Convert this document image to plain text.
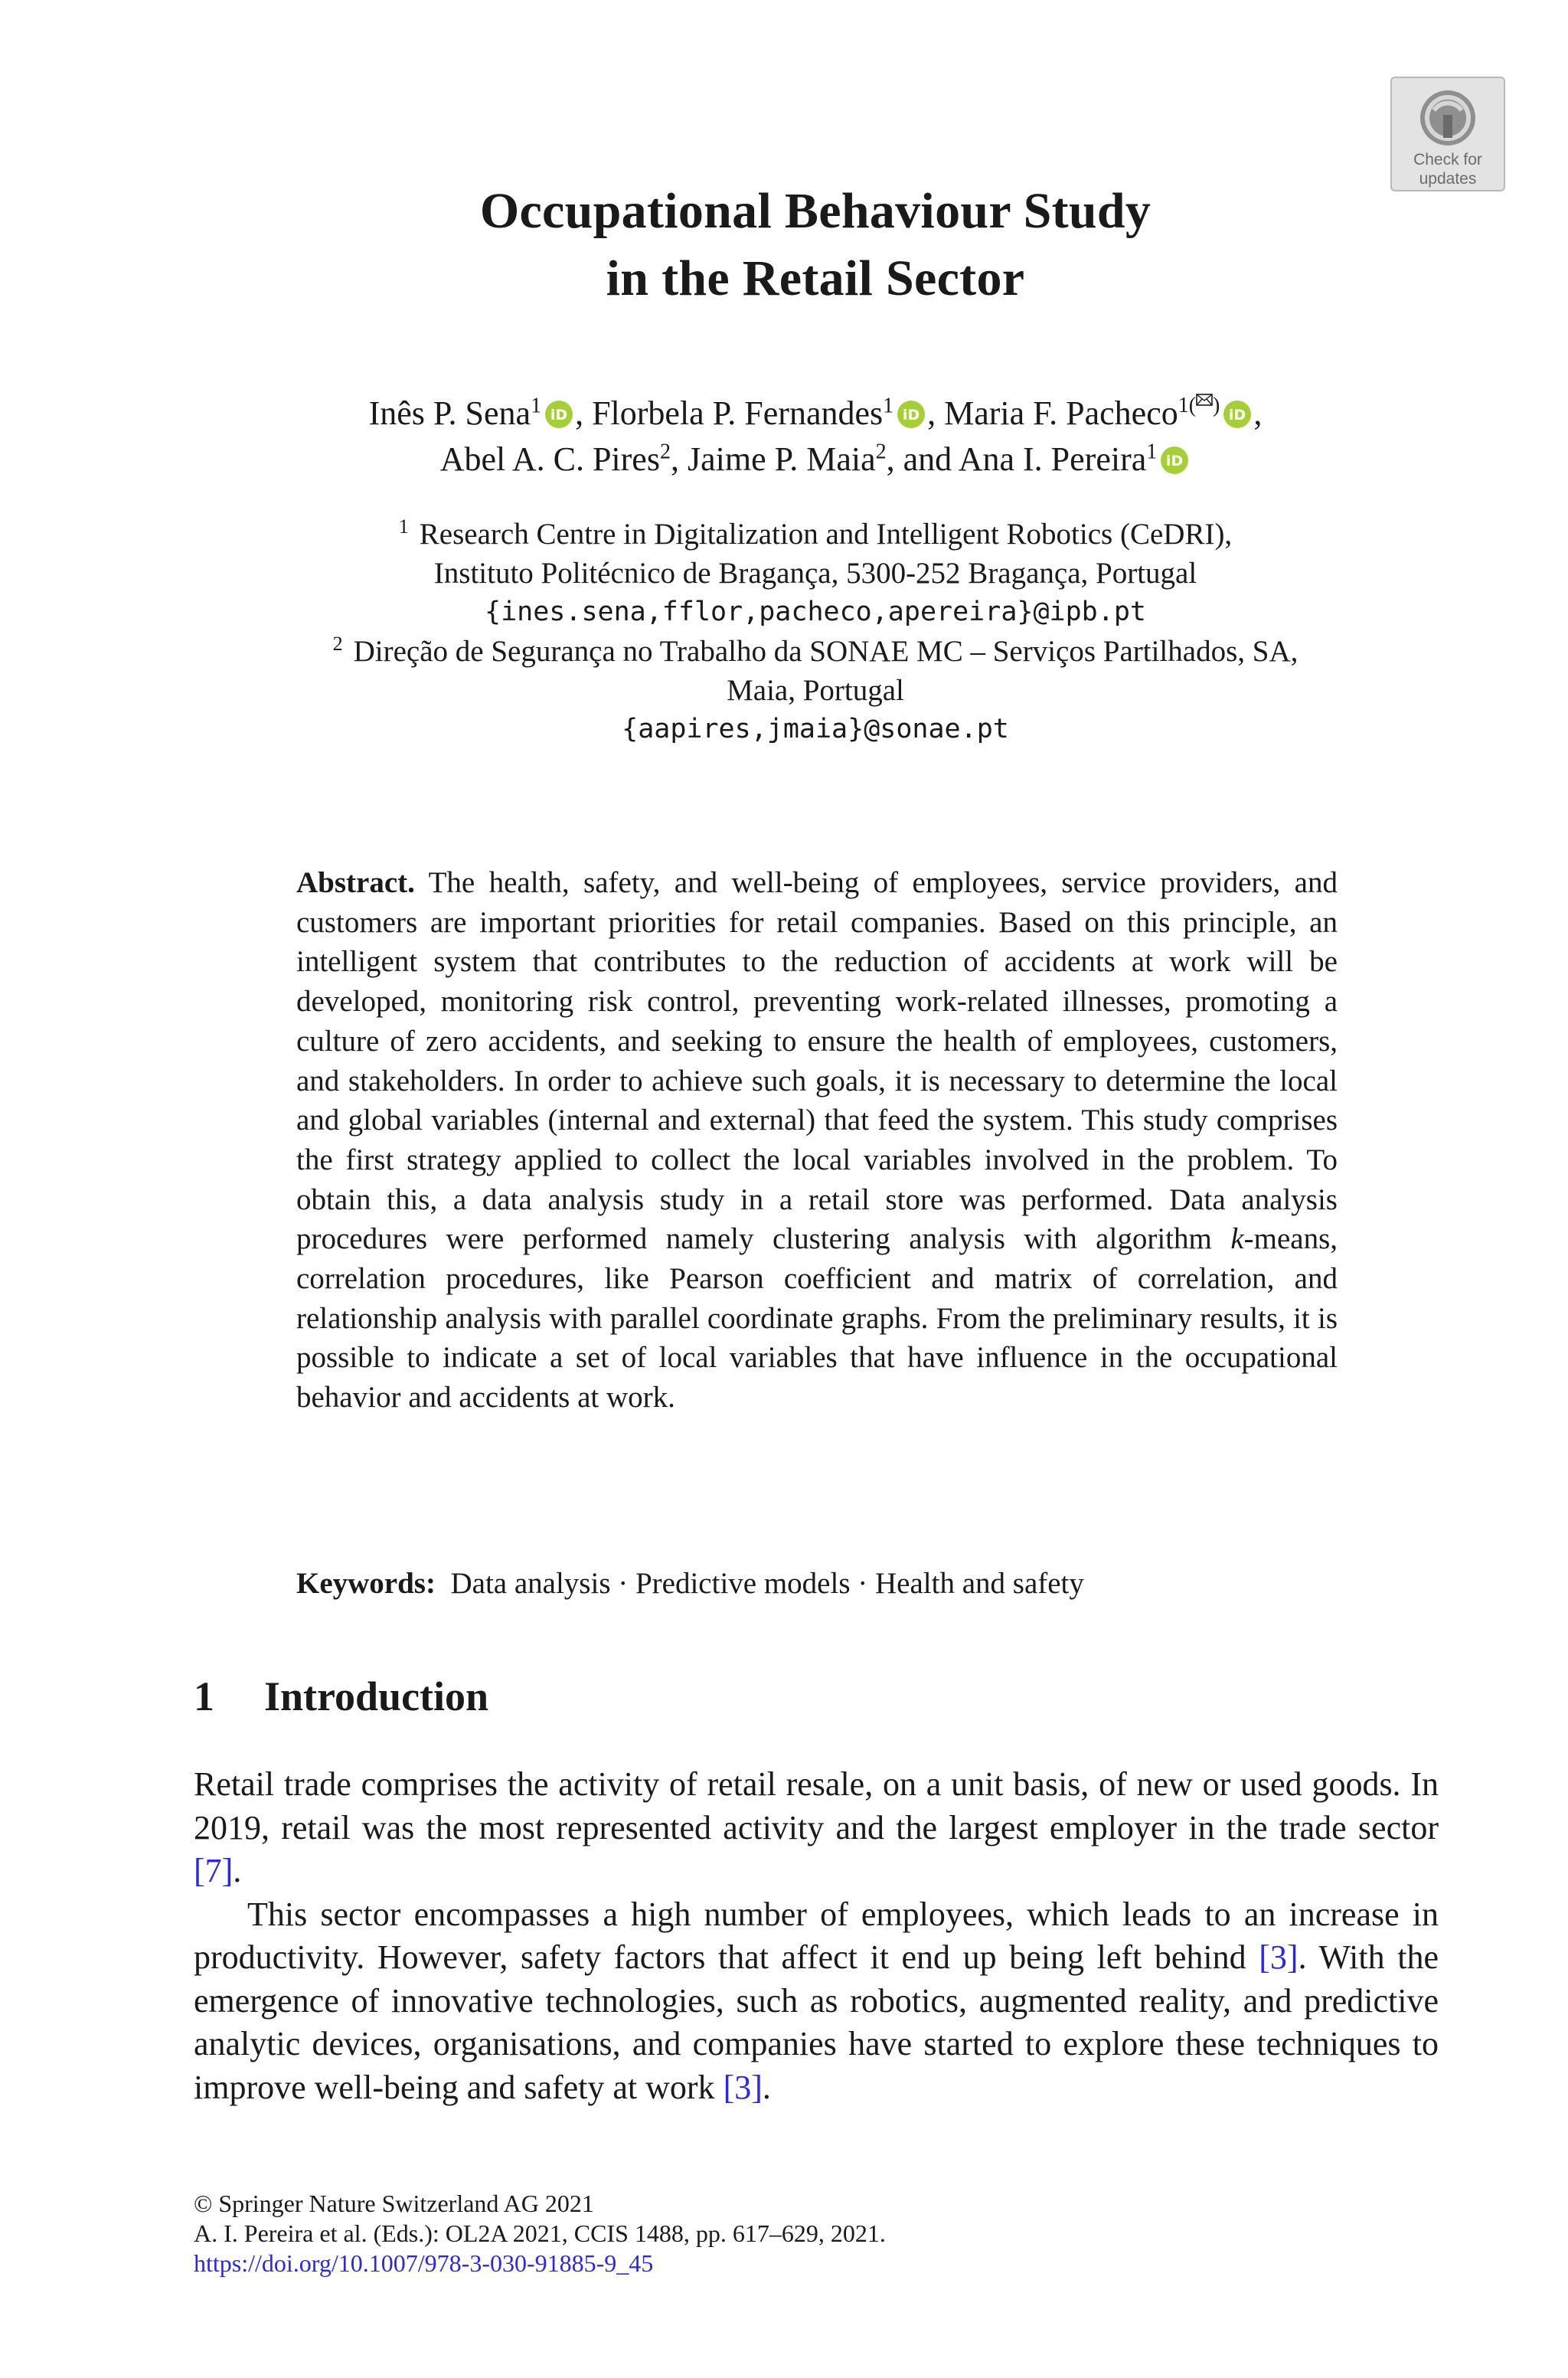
Check for
updates
Occupational Behaviour Study
in the Retail Sector
Inês P. Sena$^1$ iD , Florbela P. Fernandes$^1$ iD , Maria F. Pacheco$^{1( )}$ iD ,
Abel A. C. Pires$^2$, Jaime P. Maia$^2$, and Ana I. Pereira$^1$ iD
$^1$ Research Centre in Digitalization and Intelligent Robotics (CeDRI),
Instituto Politécnico de Bragança, 5300-252 Bragança, Portugal
{ines.sena,fflor,pacheco,apereira}@ipb.pt
$^2$ Direção de Segurança no Trabalho da SONAE MC – Serviços Partilhados, SA,
Maia, Portugal
{aapires,jmaia}@sonae.pt
Abstract. The health, safety, and well-being of employees, service providers, and customers are important priorities for retail companies. Based on this principle, an intelligent system that contributes to the reduction of accidents at work will be developed, monitoring risk control, preventing work-related illnesses, promoting a culture of zero accidents, and seeking to ensure the health of employees, customers, and stakeholders. In order to achieve such goals, it is necessary to determine the local and global variables (internal and external) that feed the system. This study comprises the first strategy applied to collect the local variables involved in the problem. To obtain this, a data analysis study in a retail store was performed. Data analysis procedures were performed namely clustering analysis with algorithm k-means, correlation procedures, like Pearson coefficient and matrix of correlation, and relationship analysis with parallel coordinate graphs. From the preliminary results, it is possible to indicate a set of local variables that have influence in the occupational behavior and accidents at work.
Keywords: Data analysis · Predictive models · Health and safety
1 Introduction

Retail trade comprises the activity of retail resale, on a unit basis, of new or used goods. In 2019, retail was the most represented activity and the largest employer in the trade sector [7].

This sector encompasses a high number of employees, which leads to an increase in productivity. However, safety factors that affect it end up being left behind [3]. With the emergence of innovative technologies, such as robotics, augmented reality, and predictive analytic devices, organisations, and companies have started to explore these techniques to improve well-being and safety at work [3].

© Springer Nature Switzerland AG 2021
A. I. Pereira et al. (Eds.): OL2A 2021, CCIS 1488, pp. 617–629, 2021.
https://doi.org/10.1007/978-3-030-91885-9_45
